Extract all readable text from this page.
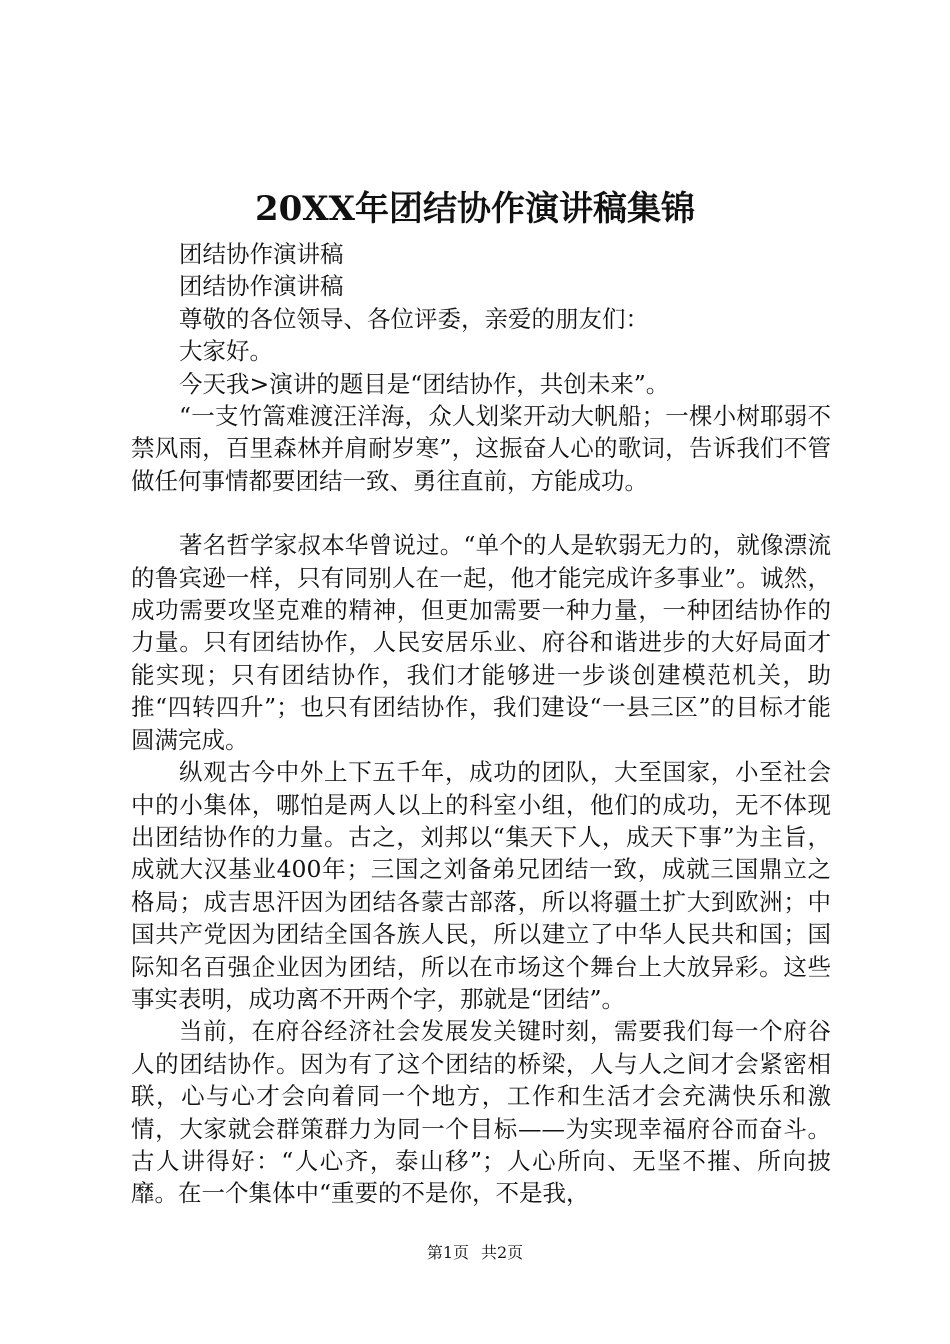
20XX年团结协作演讲稿集锦

团结协作演讲稿

团结协作演讲稿

尊敬的各位领导、各位评委，亲爱的朋友们：

大家好。

今天我>演讲的题目是“团结协作，共创未来”。

“一支竹篙难渡汪洋海，众人划桨开动大帆船；一棵小树耶弱不禁风雨，百里森林并肩耐岁寒”，这振奋人心的歌词，告诉我们不管做任何事情都要团结一致、勇往直前，方能成功。

著名哲学家叔本华曾说过。“单个的人是软弱无力的，就像漂流的鲁宾逊一样，只有同别人在一起，他才能完成许多事业”。诚然，成功需要攻坚克难的精神，但更加需要一种力量，一种团结协作的力量。只有团结协作，人民安居乐业、府谷和谐进步的大好局面才能实现；只有团结协作，我们才能够进一步谈创建模范机关，助推“四转四升”；也只有团结协作，我们建设“一县三区”的目标才能圆满完成。

纵观古今中外上下五千年，成功的团队，大至国家，小至社会中的小集体，哪怕是两人以上的科室小组，他们的成功，无不体现出团结协作的力量。古之，刘邦以“集天下人，成天下事”为主旨，成就大汉基业400年；三国之刘备弟兄团结一致，成就三国鼎立之格局；成吉思汗因为团结各蒙古部落，所以将疆土扩大到欧洲；中国共产党因为团结全国各族人民，所以建立了中华人民共和国；国际知名百强企业因为团结，所以在市场这个舞台上大放异彩。这些事实表明，成功离不开两个字，那就是“团结”。

当前，在府谷经济社会发展发关键时刻，需要我们每一个府谷人的团结协作。因为有了这个团结的桥梁，人与人之间才会紧密相联，心与心才会向着同一个地方，工作和生活才会充满快乐和激情，大家就会群策群力为同一个目标——为实现幸福府谷而奋斗。古人讲得好：“人心齐，泰山移”；人心所向、无坚不摧、所向披靡。在一个集体中“重要的不是你，不是我，

第1页 共2页
